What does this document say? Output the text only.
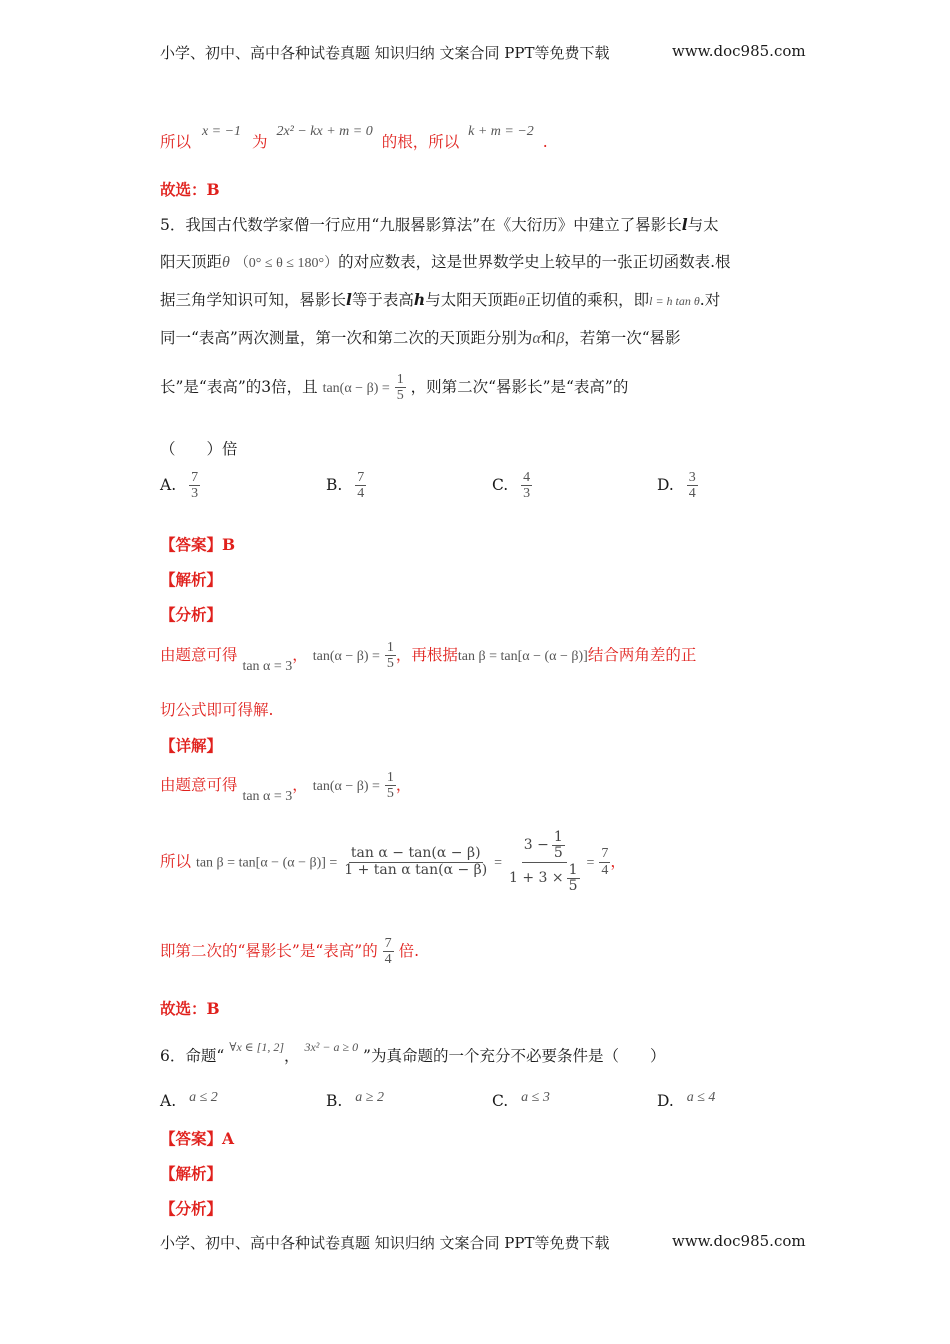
小学、初中、高中各种试卷真题 知识归纳 文案合同 PPT等免费下载	www.doc985.com
所以 x = −1 为 2x² − kx + m = 0 的根，所以 k + m = −2 .
故选：B
5．我国古代数学家僧一行应用“九服晷影算法”在《大衍历》中建立了晷影长l与太
阳天顶距θ （0° ≤ θ ≤ 180°）的对应数表，这是世界数学史上较早的一张正切函数表.根
据三角学知识可知，晷影长l等于表高h与太阳天顶距θ正切值的乘积，即l = h tan θ.对
同一“表高”两次测量，第一次和第二次的天顶距分别为α和β，若第一次“晷影
长”是“表高”的3倍，且 $\tan(\alpha - \beta) = \frac{1}{5}$ ，则第二次“晷影长”是“表高”的
（　　）倍
A. $\frac{7}{3}$	B. $\frac{7}{4}$	C. $\frac{4}{3}$	D. $\frac{3}{4}$
【答案】B
【解析】
【分析】
由题意可得 tan α = 3， $\tan(\alpha - \beta) = \frac{1}{5}$ ，再根据tan β = tan[α − (α − β)]结合两角差的正
切公式即可得解.
【详解】
由题意可得 tan α = 3， $\tan(\alpha - \beta) = \frac{1}{5}$ ，
所以 $\tan \beta = \tan[\alpha - (\alpha - \beta)] = \frac{\text{tan α − tan(α − β)}}{\text{1 + tan α tan(α − β)}} = \frac{3 - \frac{1}{5}}{1 + 3 \times \frac{1}{5}} = \frac{7}{4}$ ，
即第二次的“晷影长”是“表高”的 $\frac{7}{4}$ 倍.
故选：B
6．命题“ $^{\forall x \in [1, 2]}$， $^{3x^2 - a \ge 0}$ ”为真命题的一个充分不必要条件是（　　）
A. a ≤ 2	B. a ≥ 2	C. a ≤ 3	D. a ≤ 4
【答案】A
【解析】
【分析】
小学、初中、高中各种试卷真题 知识归纳 文案合同 PPT等免费下载	www.doc985.com
